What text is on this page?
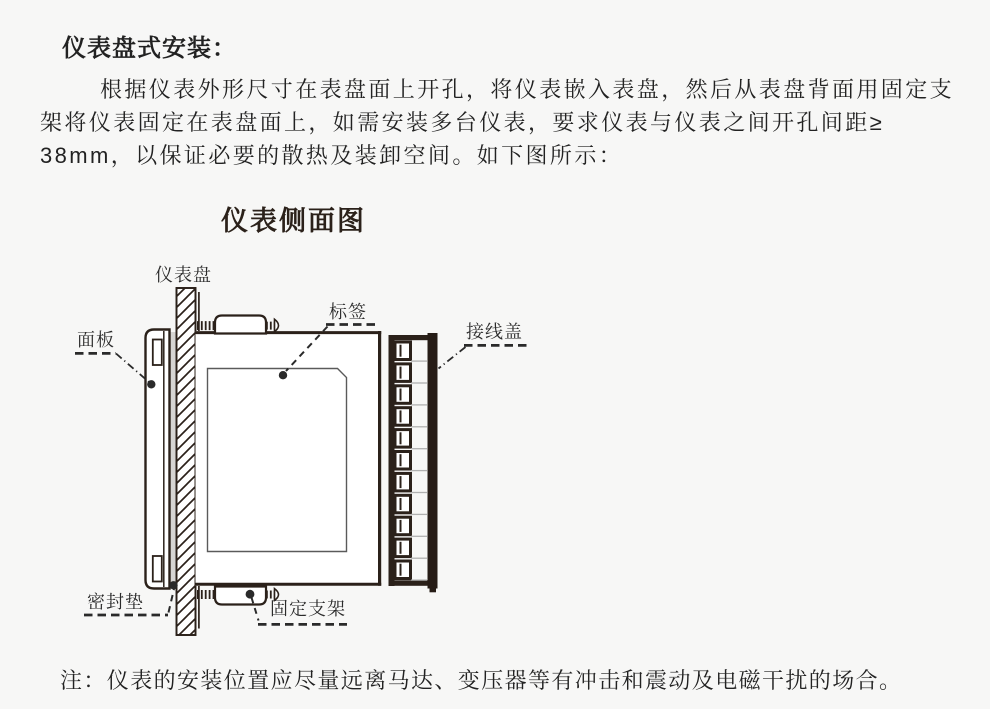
仪表盘式安装：
根据仪表外形尺寸在表盘面上开孔，将仪表嵌入表盘，然后从表盘背面用固定支
架将仪表固定在表盘面上，如需安装多台仪表，要求仪表与仪表之间开孔间距≥
38mm，以保证必要的散热及装卸空间。如下图所示：
仪表侧面图
仪表盘
面板
标签
接线盖
密封垫	固定支架
注：仪表的安装位置应尽量远离马达、变压器等有冲击和震动及电磁干扰的场合。
